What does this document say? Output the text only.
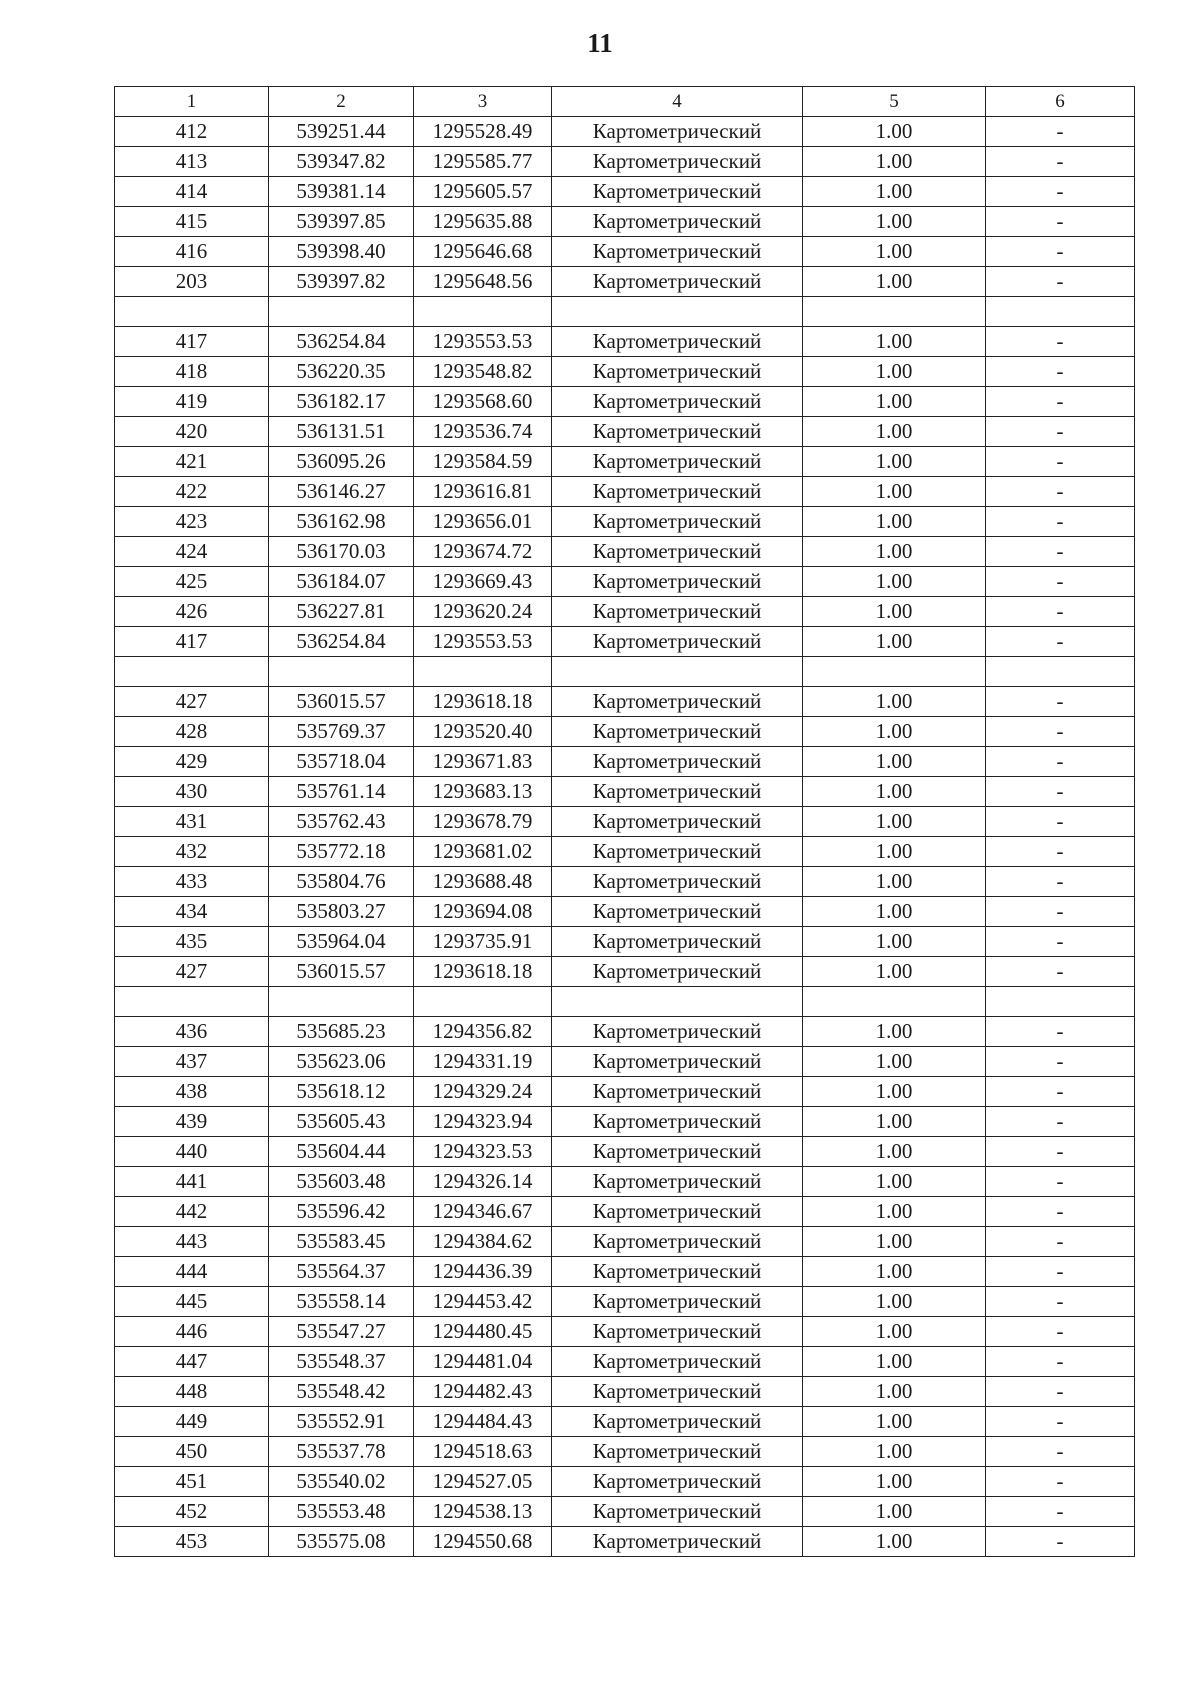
11
1	2	3	4	5	6
412	539251.44	1295528.49	Картометрический	1.00	-
413	539347.82	1295585.77	Картометрический	1.00	-
414	539381.14	1295605.57	Картометрический	1.00	-
415	539397.85	1295635.88	Картометрический	1.00	-
416	539398.40	1295646.68	Картометрический	1.00	-
203	539397.82	1295648.56	Картометрический	1.00	-

417	536254.84	1293553.53	Картометрический	1.00	-
418	536220.35	1293548.82	Картометрический	1.00	-
419	536182.17	1293568.60	Картометрический	1.00	-
420	536131.51	1293536.74	Картометрический	1.00	-
421	536095.26	1293584.59	Картометрический	1.00	-
422	536146.27	1293616.81	Картометрический	1.00	-
423	536162.98	1293656.01	Картометрический	1.00	-
424	536170.03	1293674.72	Картометрический	1.00	-
425	536184.07	1293669.43	Картометрический	1.00	-
426	536227.81	1293620.24	Картометрический	1.00	-
417	536254.84	1293553.53	Картометрический	1.00	-

427	536015.57	1293618.18	Картометрический	1.00	-
428	535769.37	1293520.40	Картометрический	1.00	-
429	535718.04	1293671.83	Картометрический	1.00	-
430	535761.14	1293683.13	Картометрический	1.00	-
431	535762.43	1293678.79	Картометрический	1.00	-
432	535772.18	1293681.02	Картометрический	1.00	-
433	535804.76	1293688.48	Картометрический	1.00	-
434	535803.27	1293694.08	Картометрический	1.00	-
435	535964.04	1293735.91	Картометрический	1.00	-
427	536015.57	1293618.18	Картометрический	1.00	-

436	535685.23	1294356.82	Картометрический	1.00	-
437	535623.06	1294331.19	Картометрический	1.00	-
438	535618.12	1294329.24	Картометрический	1.00	-
439	535605.43	1294323.94	Картометрический	1.00	-
440	535604.44	1294323.53	Картометрический	1.00	-
441	535603.48	1294326.14	Картометрический	1.00	-
442	535596.42	1294346.67	Картометрический	1.00	-
443	535583.45	1294384.62	Картометрический	1.00	-
444	535564.37	1294436.39	Картометрический	1.00	-
445	535558.14	1294453.42	Картометрический	1.00	-
446	535547.27	1294480.45	Картометрический	1.00	-
447	535548.37	1294481.04	Картометрический	1.00	-
448	535548.42	1294482.43	Картометрический	1.00	-
449	535552.91	1294484.43	Картометрический	1.00	-
450	535537.78	1294518.63	Картометрический	1.00	-
451	535540.02	1294527.05	Картометрический	1.00	-
452	535553.48	1294538.13	Картометрический	1.00	-
453	535575.08	1294550.68	Картометрический	1.00	-
